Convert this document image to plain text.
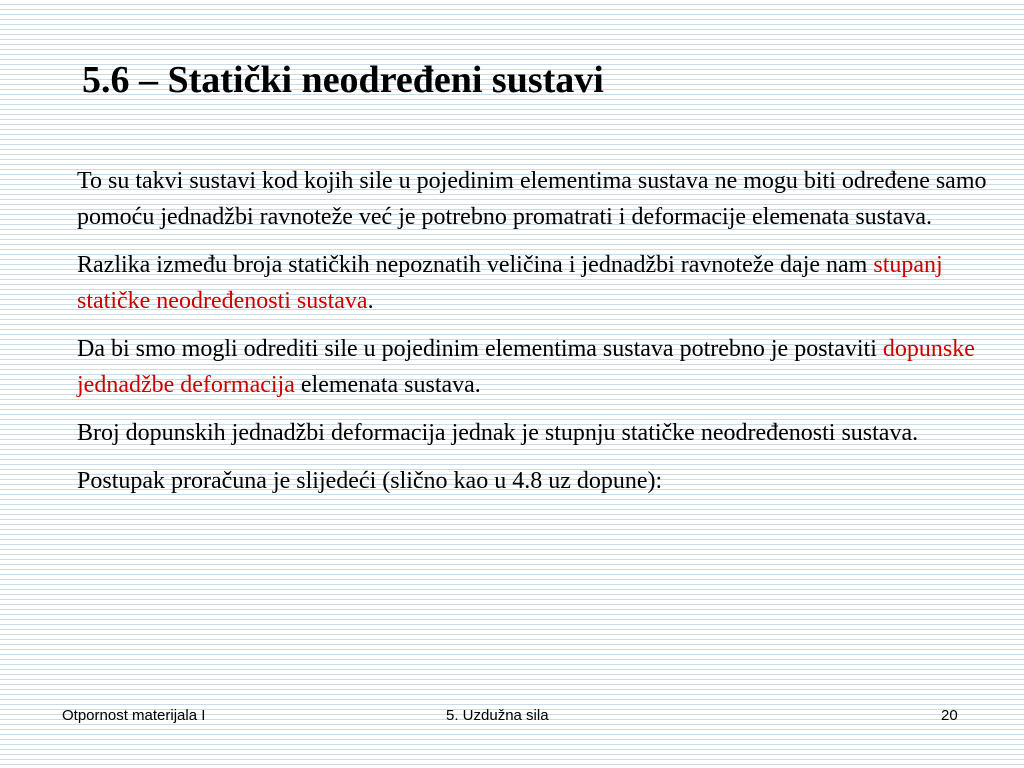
5.6 – Statički neodređeni sustavi

To su takvi sustavi kod kojih sile u pojedinim elementima sustava ne mogu biti određene samo pomoću jednadžbi ravnoteže već je potrebno promatrati i deformacije elemenata sustava.

Razlika između broja statičkih nepoznatih veličina i jednadžbi ravnoteže daje nam stupanj statičke neodređenosti sustava.

Da bi smo mogli odrediti sile u pojedinim elementima sustava potrebno je postaviti dopunske jednadžbe deformacija elemenata sustava.

Broj dopunskih jednadžbi deformacija jednak je stupnju statičke neodređenosti sustava.

Postupak proračuna je slijedeći (slično kao u 4.8 uz dopune):

Otpornost materijala I	5. Uzdužna sila	20
